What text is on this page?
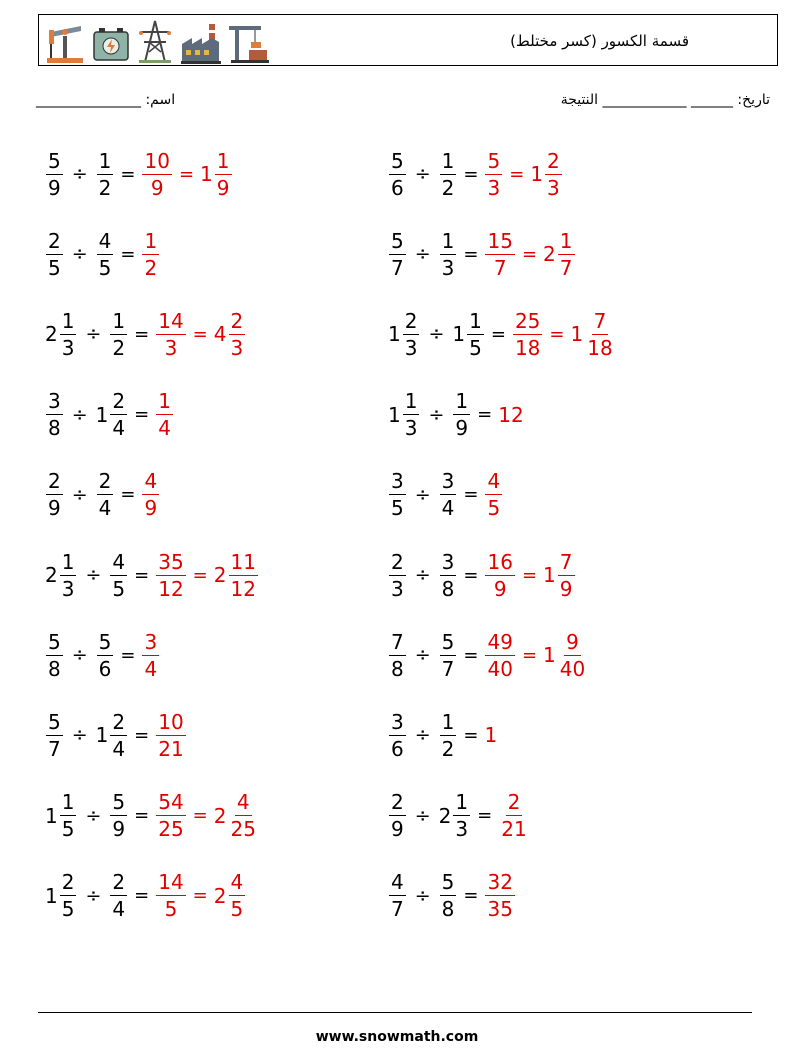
قسمة الكسور (كسر مختلط)
تاريخ: ______ ____________ النتيجة
اسم: _______________
$\frac{5}{9} \div \frac{1}{2} = \frac{10}{9} = 1 \frac{1}{9}$	$\frac{5}{6} \div \frac{1}{2} = \frac{5}{3} = 1 \frac{2}{3}$
$\frac{2}{5} \div \frac{4}{5} = \frac{1}{2}$	$\frac{5}{7} \div \frac{1}{3} = \frac{15}{7} = 2 \frac{1}{7}$
$2 \frac{1}{3} \div \frac{1}{2} = \frac{14}{3} = 4 \frac{2}{3}$	$1 \frac{2}{3} \div 1 \frac{1}{5} = \frac{25}{18} = 1 \frac{7}{18}$
$\frac{3}{8} \div 1 \frac{2}{4} = \frac{1}{4}$	$1 \frac{1}{3} \div \frac{1}{9} = 12$
$\frac{2}{9} \div \frac{2}{4} = \frac{4}{9}$	$\frac{3}{5} \div \frac{3}{4} = \frac{4}{5}$
$2 \frac{1}{3} \div \frac{4}{5} = \frac{35}{12} = 2 \frac{11}{12}$	$\frac{2}{3} \div \frac{3}{8} = \frac{16}{9} = 1 \frac{7}{9}$
$\frac{5}{8} \div \frac{5}{6} = \frac{3}{4}$	$\frac{7}{8} \div \frac{5}{7} = \frac{49}{40} = 1 \frac{9}{40}$
$\frac{5}{7} \div 1 \frac{2}{4} = \frac{10}{21}$	$\frac{3}{6} \div \frac{1}{2} = 1$
$1 \frac{1}{5} \div \frac{5}{9} = \frac{54}{25} = 2 \frac{4}{25}$	$\frac{2}{9} \div 2 \frac{1}{3} = \frac{2}{21}$
$1 \frac{2}{5} \div \frac{2}{4} = \frac{14}{5} = 2 \frac{4}{5}$	$\frac{4}{7} \div \frac{5}{8} = \frac{32}{35}$
www.snowmath.com
